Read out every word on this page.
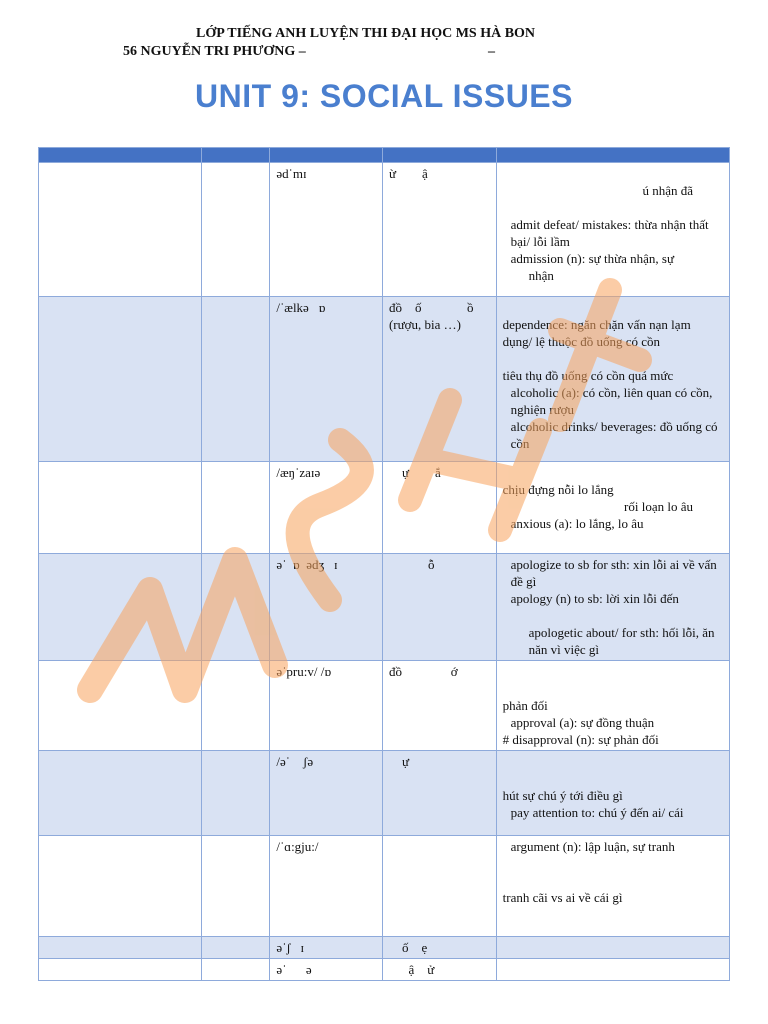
LỚP TIẾNG ANH LUYỆN THI ĐẠI HỌC MS HÀ BON
56 NGUYỄN TRI PHƯƠNG –	–
UNIT 9: SOCIAL ISSUES

		ədˈmɪ	ừ        ậ	ú nhận đã
admit defeat/ mistakes: thừa nhận thất bại/ lỗi lầm
admission (n): sự thừa nhận, sự
nhận

		/ˈælkə   ɒ	đồ    ố              ồ
(rượu, bia …)	dependence: ngăn chặn vấn nạn lạm dụng/ lệ thuộc đồ uống có cồn
tiêu thụ đồ uống có cồn quá mức
alcoholic (a): có cồn, liên quan có cồn, nghiện rượu
alcoholic drinks/ beverages: đồ uống có cồn

		/æŋˈzaɪə	ự        ắ	chịu đựng nỗi lo lắng
rối loạn lo âu
anxious (a): lo lắng, lo âu

		əˈ  ɒ  ədʒ   ɪ	ỗ	apologize to sb for sth: xin lỗi ai về vấn đề gì
apology (n) to sb: lời xin lỗi đến
apologetic about/ for sth: hối lỗi, ăn năn vì việc gì

		əˈpru:v/ /ɒ	đồ               ớ	phản đối
approval (a): sự đồng thuận
# disapproval (n): sự phản đối

		/əˈ    ʃə	ự	hút sự chú ý tới điều gì
pay attention to: chú ý đến ai/ cái

		/ˈɑ:gju:/		argument (n): lập luận, sự tranh
tranh cãi vs ai về cái gì

		əˈʃ   ɪ	ố    ẹ	
		əˈ      ə	ậ    ử	
